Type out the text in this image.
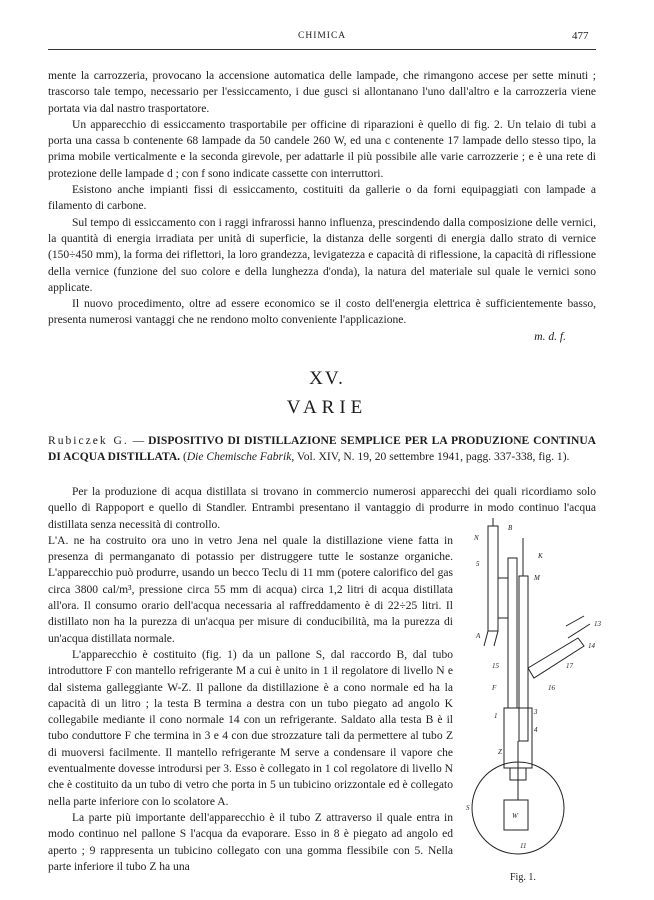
CHIMICA	477

mente la carrozzeria, provocano la accensione automatica delle lampade, che rimangono accese per sette minuti ; trascorso tale tempo, necessario per l'essiccamento, i due gusci si allontanano l'uno dall'altro e la carrozzeria viene portata via dal nastro trasportatore.

Un apparecchio di essiccamento trasportabile per officine di riparazioni è quello di fig. 2. Un telaio di tubi a porta una cassa b contenente 68 lampade da 50 candele 260 W, ed una c contenente 17 lampade dello stesso tipo, la prima mobile verticalmente e la seconda girevole, per adattarle il più possibile alle varie carrozzerie ; e è una rete di protezione delle lampade d ; con f sono indicate cassette con interruttori.

Esistono anche impianti fissi di essiccamento, costituiti da gallerie o da forni equipaggiati con lampade a filamento di carbone.

Sul tempo di essiccamento con i raggi infrarossi hanno influenza, prescindendo dalla composizione delle vernici, la quantità di energia irradiata per unità di superficie, la distanza delle sorgenti di energia dallo strato di vernice (150÷450 mm), la forma dei riflettori, la loro grandezza, levigatezza e capacità di riflessione, la capacità di riflessione della vernice (funzione del suo colore e della lunghezza d'onda), la natura del materiale sul quale le vernici sono applicate.

Il nuovo procedimento, oltre ad essere economico se il costo dell'energia elettrica è sufficientemente basso, presenta numerosi vantaggi che ne rendono molto conveniente l'applicazione.

m. d. f.

XV.
VARIE
Rubiczek G. — DISPOSITIVO DI DISTILLAZIONE SEMPLICE PER LA PRODUZIONE CONTINUA DI ACQUA DISTILLATA. (Die Chemische Fabrik, Vol. XIV, N. 19, 20 settembre 1941, pagg. 337-338, fig. 1).

Per la produzione di acqua distillata si trovano in commercio numerosi apparecchi dei quali ricordiamo solo quello di Rappoport e quello di Standler. Entrambi presentano il vantaggio di produrre in modo continuo l'acqua distillata senza necessità di controllo.

L'A. ne ha costruito ora uno in vetro Jena nel quale la distillazione viene fatta in presenza di permanganato di potassio per distruggere tutte le sostanze organiche. L'apparecchio può produrre, usando un becco Teclu di 11 mm (potere calorifico del gas circa 3800 cal/m³, pressione circa 55 mm di acqua) circa 1,2 litri di acqua distillata all'ora. Il consumo orario dell'acqua necessaria al raffreddamento è di 22÷25 litri. Il distillato non ha la purezza di un'acqua per misure di conducibilità, ma la purezza di un'acqua distillata normale.

L'apparecchio è costituito (fig. 1) da un pallone S, dal raccordo B, dal tubo introduttore F con mantello refrigerante M a cui è unito in 1 il regolatore di livello N e dal sistema galleggiante W-Z. Il pallone da distillazione è a cono normale ed ha la capacità di un litro ; la testa B termina a destra con un tubo piegato ad angolo K collegabile mediante il cono normale 14 con un refrigerante. Saldato alla testa B è il tubo conduttore F che termina in 3 e 4 con due strozzature tali da permettere al tubo Z di muoversi facilmente. Il mantello refrigerante M serve a condensare il vapore che eventualmente dovesse introdursi per 3. Esso è collegato in 1 col regolatore di livello N che è costituito da un tubo di vetro che porta in 5 un tubicino orizzontale ed è collegato nella parte inferiore con lo scolatore A.

La parte più importante dell'apparecchio è il tubo Z attraverso il quale entra in modo continuo nel pallone S l'acqua da evaporare. Esso in 8 è piegato ad angolo ed aperto ; 9 rappresenta un tubicino collegato con una gomma flessibile con 5. Nella parte inferiore il tubo Z ha una

N
5
A
B
K
M
13
14
15
F
1
Z
S
W
3
4
11
17
16
Fig. 1.
